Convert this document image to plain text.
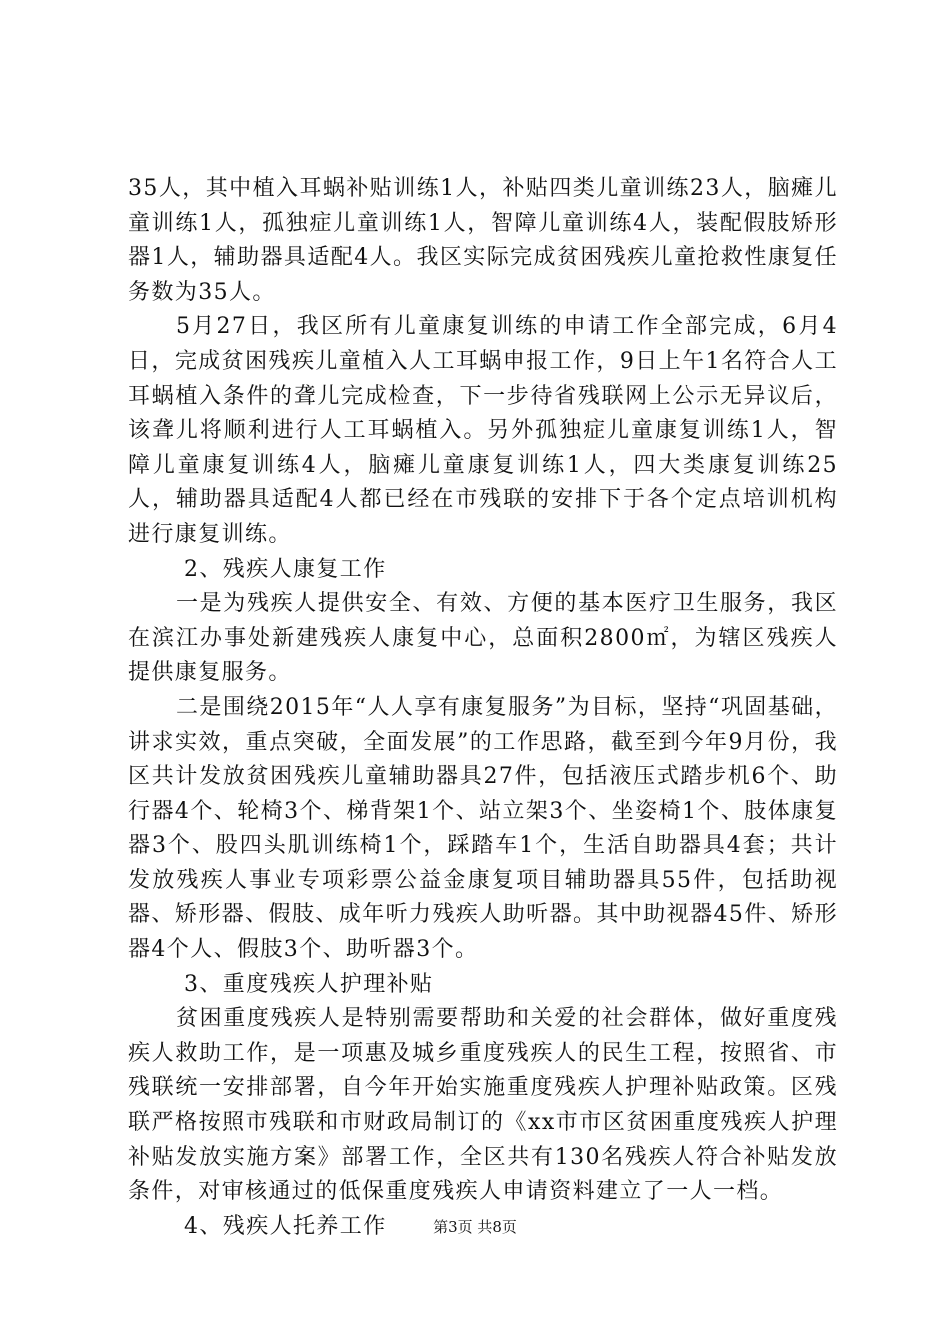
35人，其中植入耳蜗补贴训练1人，补贴四类儿童训练23人，脑瘫儿童训练1人，孤独症儿童训练1人，智障儿童训练4人，装配假肢矫形器1人，辅助器具适配4人。我区实际完成贫困残疾儿童抢救性康复任务数为35人。

5月27日，我区所有儿童康复训练的申请工作全部完成，6月4日，完成贫困残疾儿童植入人工耳蜗申报工作，9日上午1名符合人工耳蜗植入条件的聋儿完成检查，下一步待省残联网上公示无异议后，该聋儿将顺利进行人工耳蜗植入。另外孤独症儿童康复训练1人，智障儿童康复训练4人，脑瘫儿童康复训练1人，四大类康复训练25人，辅助器具适配4人都已经在市残联的安排下于各个定点培训机构进行康复训练。

2、残疾人康复工作

一是为残疾人提供安全、有效、方便的基本医疗卫生服务，我区在滨江办事处新建残疾人康复中心，总面积2800㎡，为辖区残疾人提供康复服务。

二是围绕2015年“人人享有康复服务”为目标，坚持“巩固基础，讲求实效，重点突破，全面发展”的工作思路，截至到今年9月份，我区共计发放贫困残疾儿童辅助器具27件，包括液压式踏步机6个、助行器4个、轮椅3个、梯背架1个、站立架3个、坐姿椅1个、肢体康复器3个、股四头肌训练椅1个，踩踏车1个，生活自助器具4套；共计发放残疾人事业专项彩票公益金康复项目辅助器具55件，包括助视器、矫形器、假肢、成年听力残疾人助听器。其中助视器45件、矫形器4个人、假肢3个、助听器3个。

3、重度残疾人护理补贴

贫困重度残疾人是特别需要帮助和关爱的社会群体，做好重度残疾人救助工作，是一项惠及城乡重度残疾人的民生工程，按照省、市残联统一安排部署，自今年开始实施重度残疾人护理补贴政策。区残联严格按照市残联和市财政局制订的《xx市市区贫困重度残疾人护理补贴发放实施方案》部署工作，全区共有130名残疾人符合补贴发放条件，对审核通过的低保重度残疾人申请资料建立了一人一档。

4、残疾人托养工作	第3页 共8页
